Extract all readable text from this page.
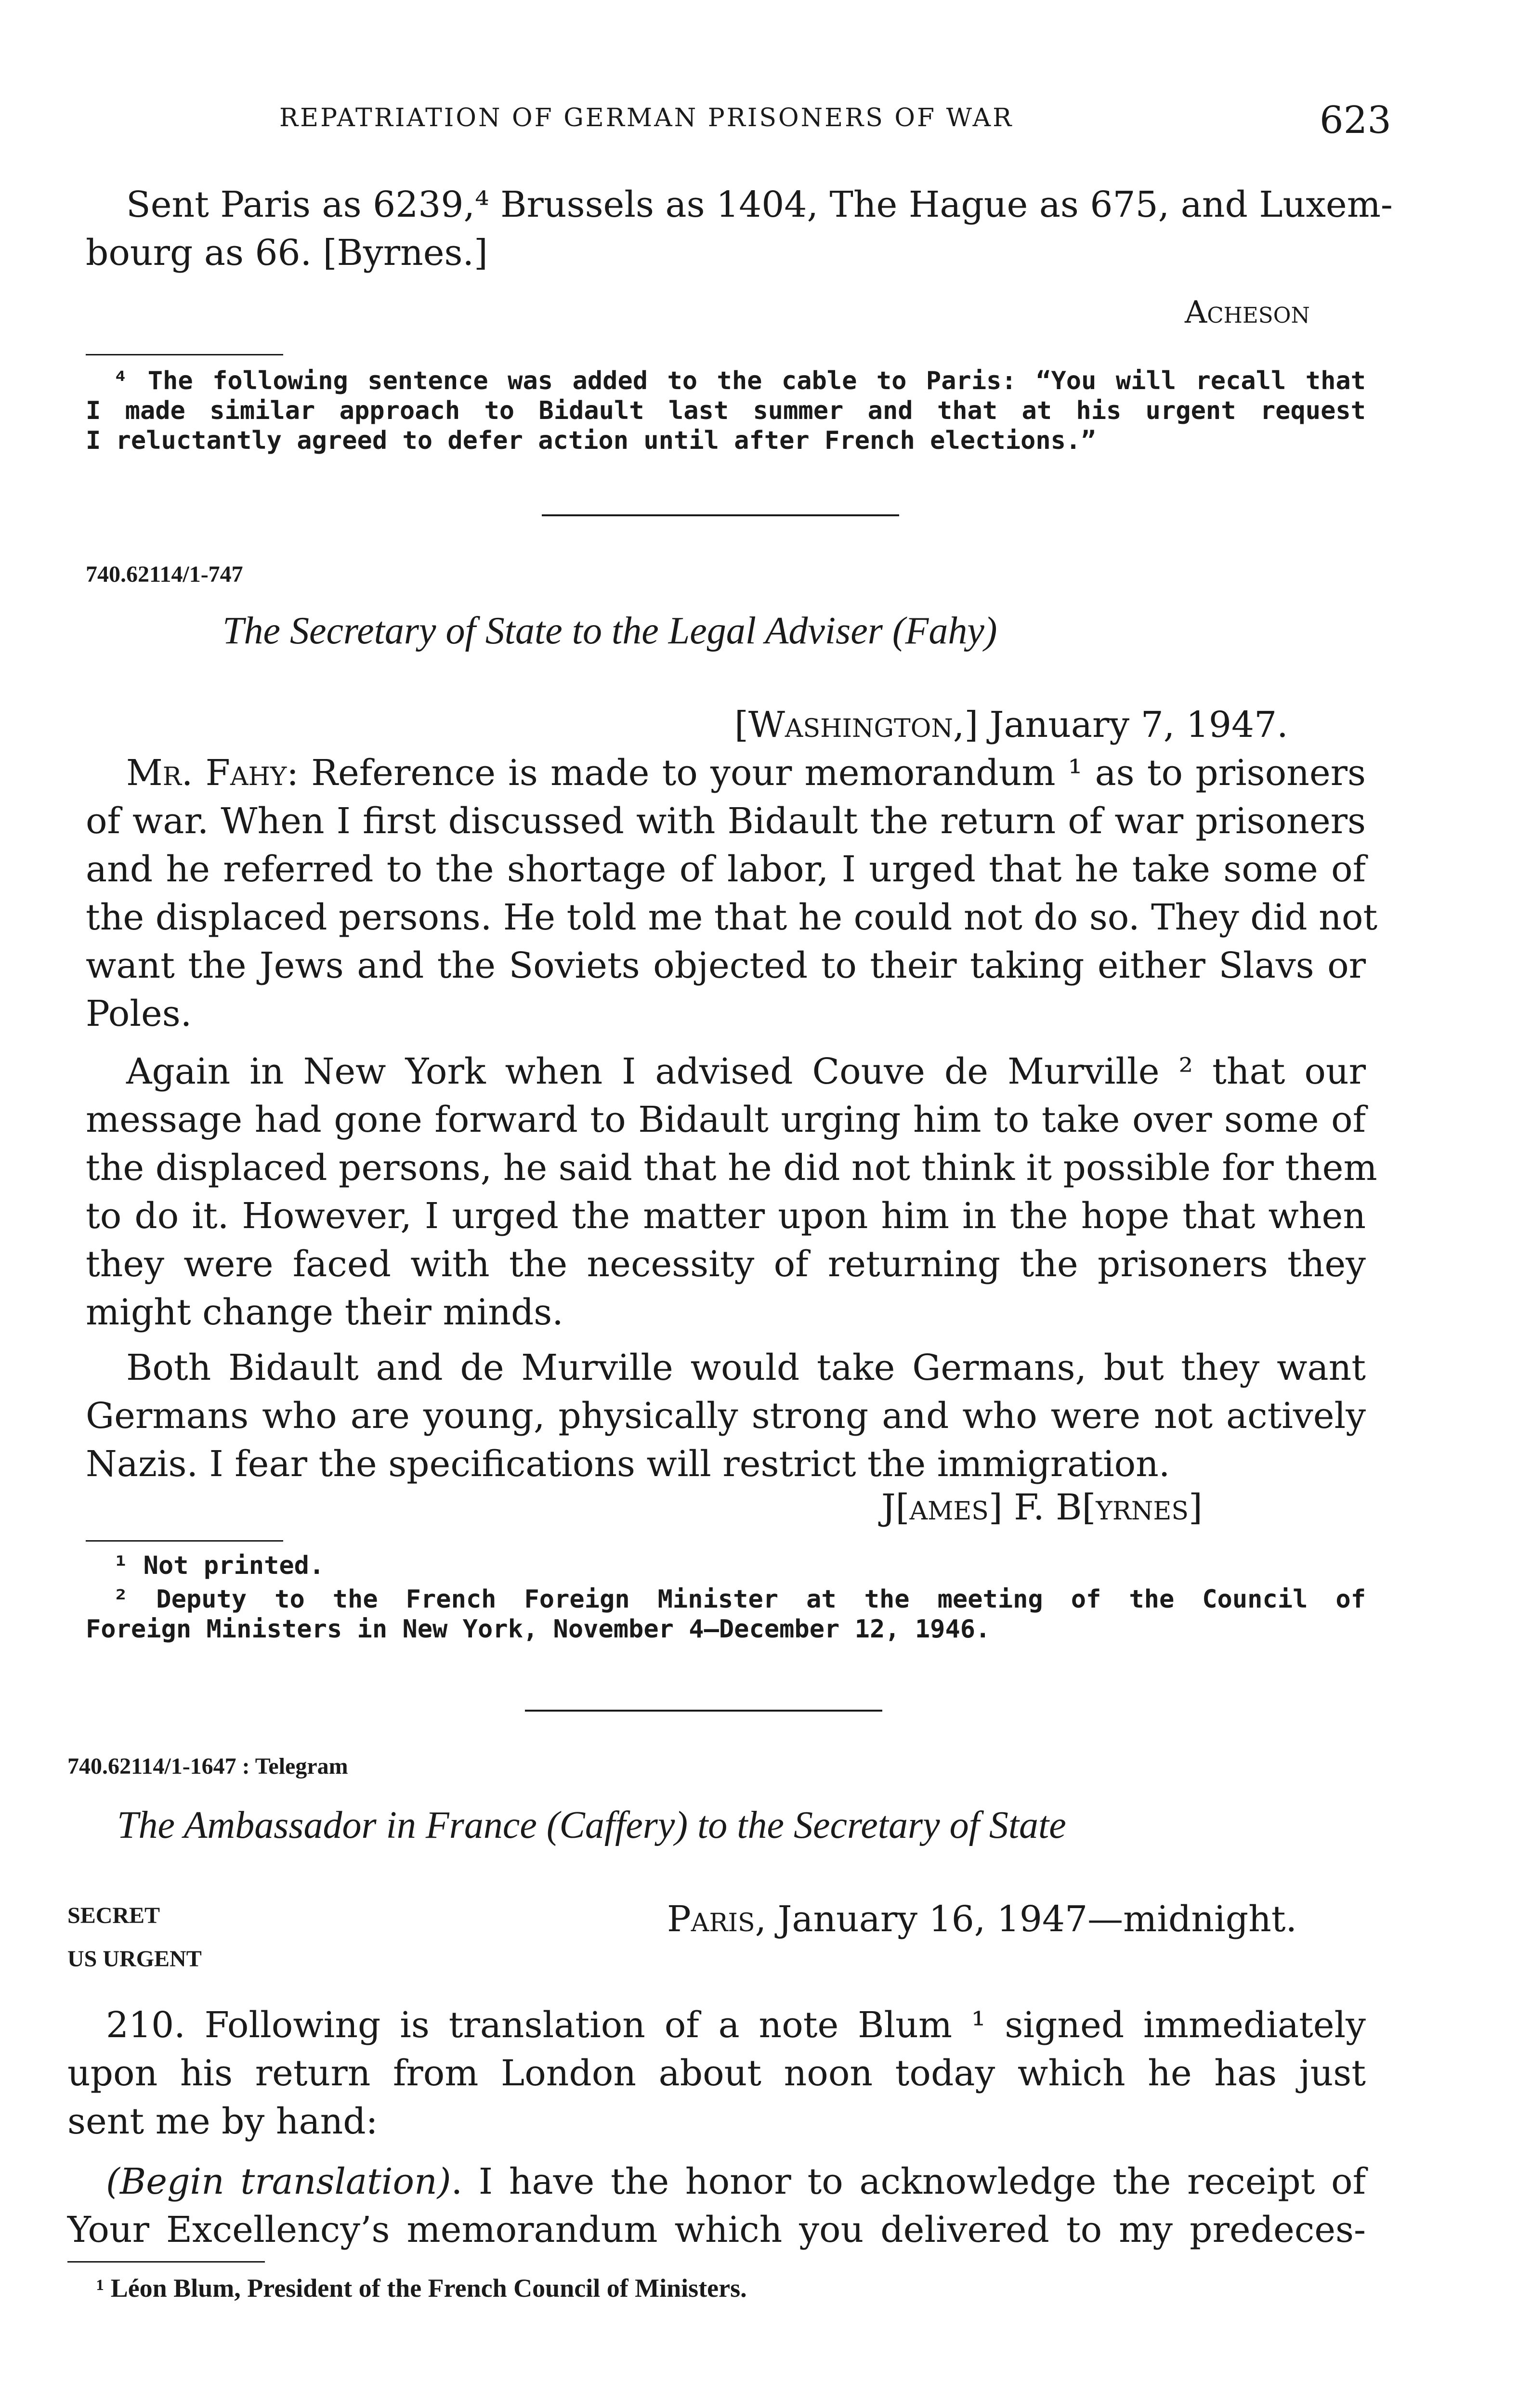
REPATRIATION OF GERMAN PRISONERS OF WAR	623
Sent Paris as 6239,⁴ Brussels as 1404, The Hague as 675, and Luxem-
bourg as 66. [Byrnes.]
Acheson
⁴ The following sentence was added to the cable to Paris: “You will recall that
I made similar approach to Bidault last summer and that at his urgent request
I reluctantly agreed to defer action until after French elections.”
740.62114/1-747
The Secretary of State to the Legal Adviser (Fahy)
[Washington,] January 7, 1947.
Mr. Fahy: Reference is made to your memorandum ¹ as to prisoners
of war. When I first discussed with Bidault the return of war prisoners
and he referred to the shortage of labor, I urged that he take some of
the displaced persons. He told me that he could not do so. They did not
want the Jews and the Soviets objected to their taking either Slavs or
Poles.
Again in New York when I advised Couve de Murville ² that our
message had gone forward to Bidault urging him to take over some of
the displaced persons, he said that he did not think it possible for them
to do it. However, I urged the matter upon him in the hope that when
they were faced with the necessity of returning the prisoners they
might change their minds.
Both Bidault and de Murville would take Germans, but they want
Germans who are young, physically strong and who were not actively
Nazis. I fear the specifications will restrict the immigration.
J[ames] F. B[yrnes]
¹ Not printed.
² Deputy to the French Foreign Minister at the meeting of the Council of
Foreign Ministers in New York, November 4–December 12, 1946.
740.62114/1-1647 : Telegram
The Ambassador in France (Caffery) to the Secretary of State
SECRET	Paris, January 16, 1947—midnight.
US URGENT
210. Following is translation of a note Blum ¹ signed immediately
upon his return from London about noon today which he has just
sent me by hand:
(Begin translation). I have the honor to acknowledge the receipt of
Your Excellency’s memorandum which you delivered to my predeces-
¹ Léon Blum, President of the French Council of Ministers.
